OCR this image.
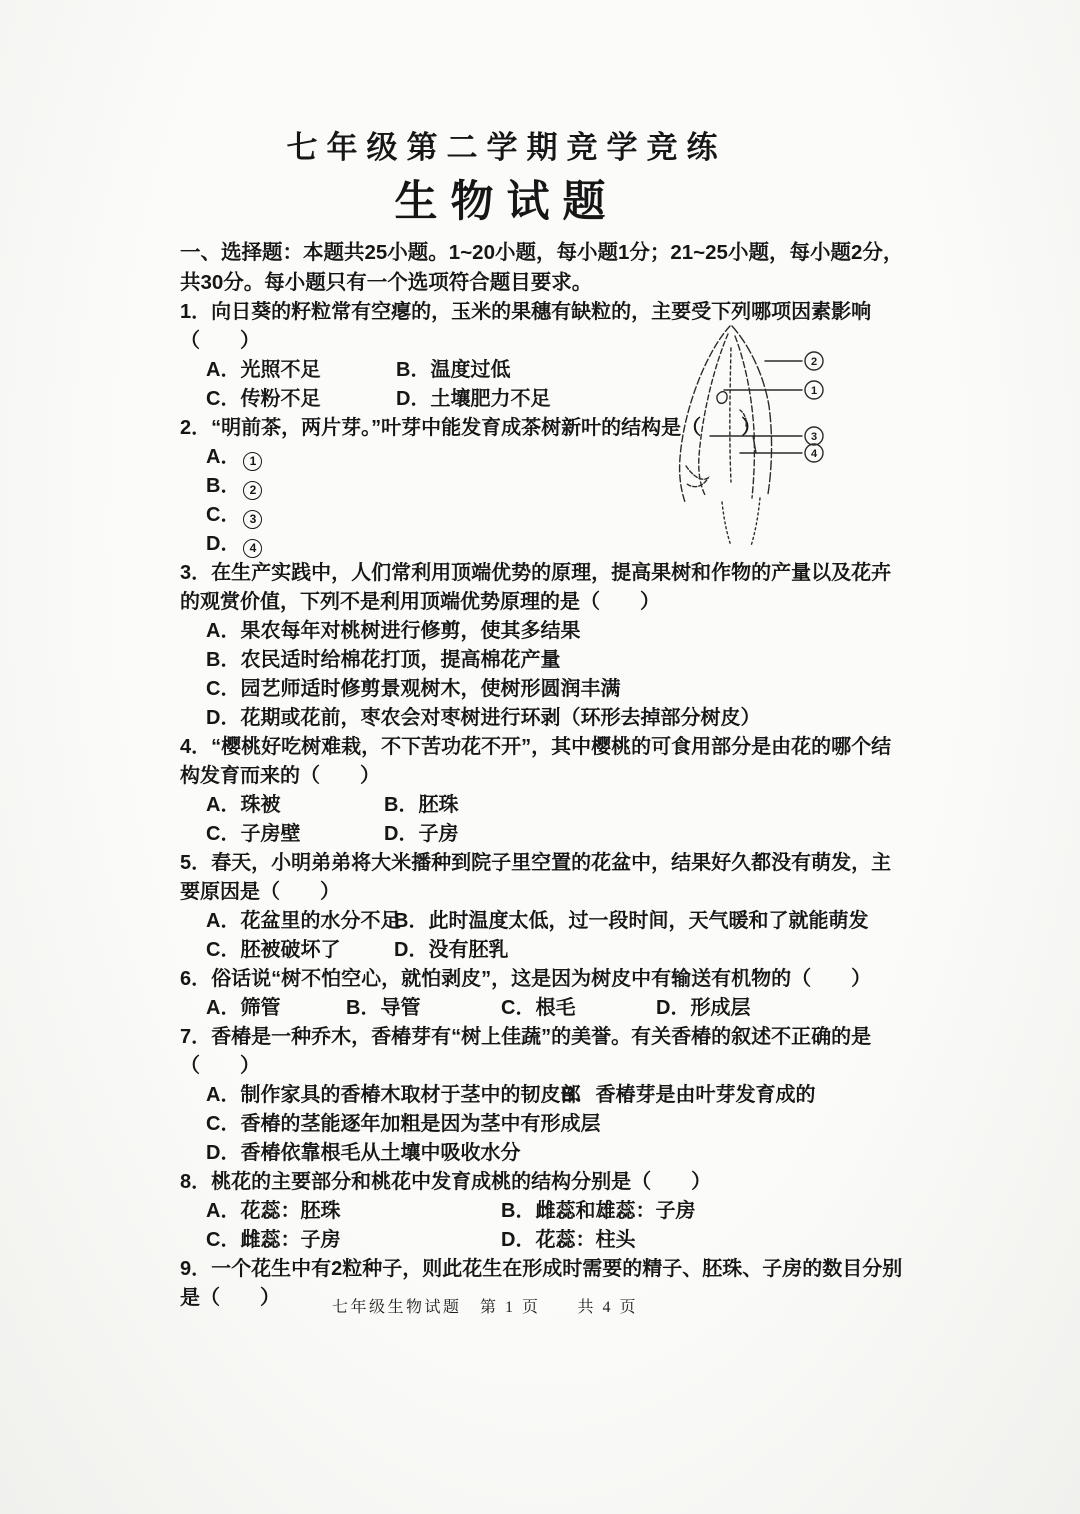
七年级第二学期竞学竞练
生物试题
一、选择题：本题共25小题。1~20小题，每小题1分；21~25小题，每小题2分，共30分。每小题只有一个选项符合题目要求。
1．向日葵的籽粒常有空瘪的，玉米的果穗有缺粒的，主要受下列哪项因素影响（　　）
A．光照不足	B．温度过低
C．传粉不足	D．土壤肥力不足
2．“明前茶，两片芽。”叶芽中能发育成茶树新叶的结构是（　　）
A． 1
B． 2
C． 3
D． 4
3．在生产实践中，人们常利用顶端优势的原理，提高果树和作物的产量以及花卉的观赏价值，下列不是利用顶端优势原理的是（　　）
A．果农每年对桃树进行修剪，使其多结果
B．农民适时给棉花打顶，提高棉花产量
C．园艺师适时修剪景观树木，使树形圆润丰满
D．花期或花前，枣农会对枣树进行环剥（环形去掉部分树皮）
4．“樱桃好吃树难栽，不下苦功花不开”，其中樱桃的可食用部分是由花的哪个结构发育而来的（　　）
A．珠被	B．胚珠
C．子房壁	D．子房
5．春天，小明弟弟将大米播种到院子里空置的花盆中，结果好久都没有萌发，主要原因是（　　）
A．花盆里的水分不足
B．此时温度太低，过一段时间，天气暖和了就能萌发
C．胚被破坏了	D．没有胚乳
6．俗话说“树不怕空心，就怕剥皮”，这是因为树皮中有输送有机物的（　　）
A．筛管	B．导管	C．根毛	D．形成层
7．香椿是一种乔木，香椿芽有“树上佳蔬”的美誉。有关香椿的叙述不正确的是（　　）
A．制作家具的香椿木取材于茎中的韧皮部
B．香椿芽是由叶芽发育成的
C．香椿的茎能逐年加粗是因为茎中有形成层
D．香椿依靠根毛从土壤中吸收水分
8．桃花的主要部分和桃花中发育成桃的结构分别是（　　）
A．花蕊：胚珠	B．雌蕊和雄蕊：子房
C．雌蕊：子房	D．花蕊：柱头
9．一个花生中有2粒种子，则此花生在形成时需要的精子、胚珠、子房的数目分别是（　　）
2
1
3
4
七年级生物试题　第 1 页　　共 4 页
